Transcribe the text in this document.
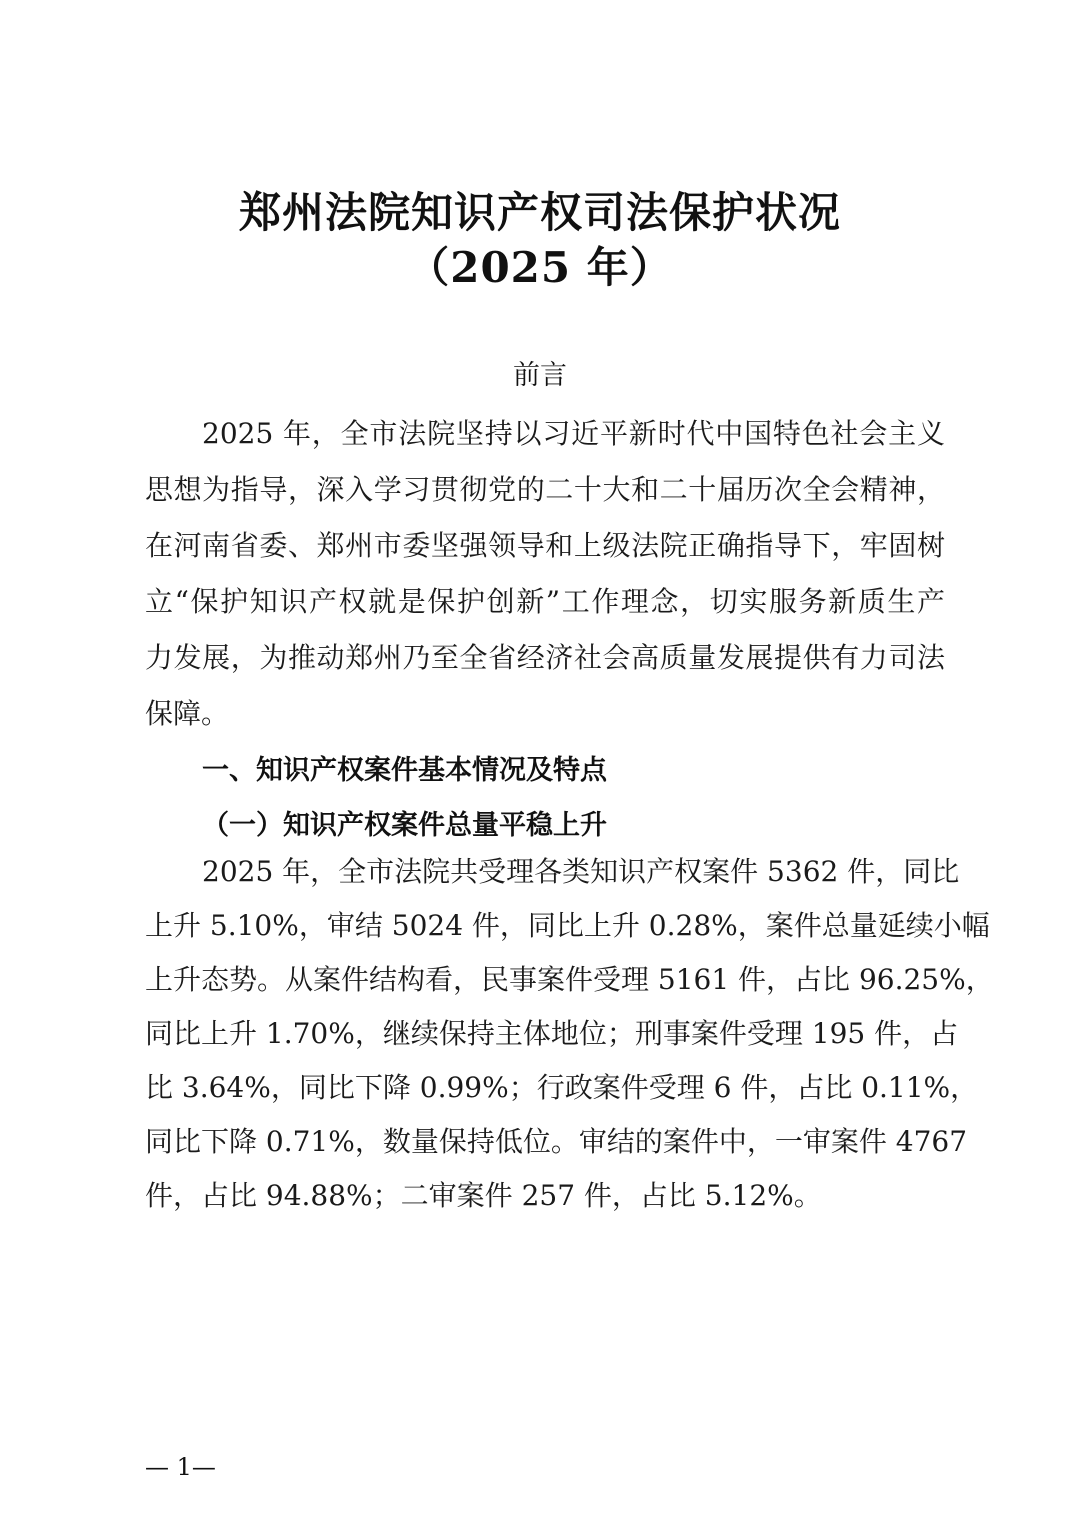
郑州法院知识产权司法保护状况
（2025 年）
前言
2025 年，全市法院坚持以习近平新时代中国特色社会主义
思想为指导，深入学习贯彻党的二十大和二十届历次全会精神，
在河南省委、郑州市委坚强领导和上级法院正确指导下，牢固树
立“保护知识产权就是保护创新”工作理念，切实服务新质生产
力发展，为推动郑州乃至全省经济社会高质量发展提供有力司法
保障。
一、知识产权案件基本情况及特点
（一）知识产权案件总量平稳上升
2025 年，全市法院共受理各类知识产权案件 5362 件，同比
上升 5.10%，审结 5024 件，同比上升 0.28%，案件总量延续小幅
上升态势。从案件结构看，民事案件受理 5161 件，占比 96.25%，
同比上升 1.70%，继续保持主体地位；刑事案件受理 195 件，占
比 3.64%，同比下降 0.99%；行政案件受理 6 件，占比 0.11%，
同比下降 0.71%，数量保持低位。审结的案件中，一审案件 4767
件，占比 94.88%；二审案件 257 件，占比 5.12%。
— 1—
